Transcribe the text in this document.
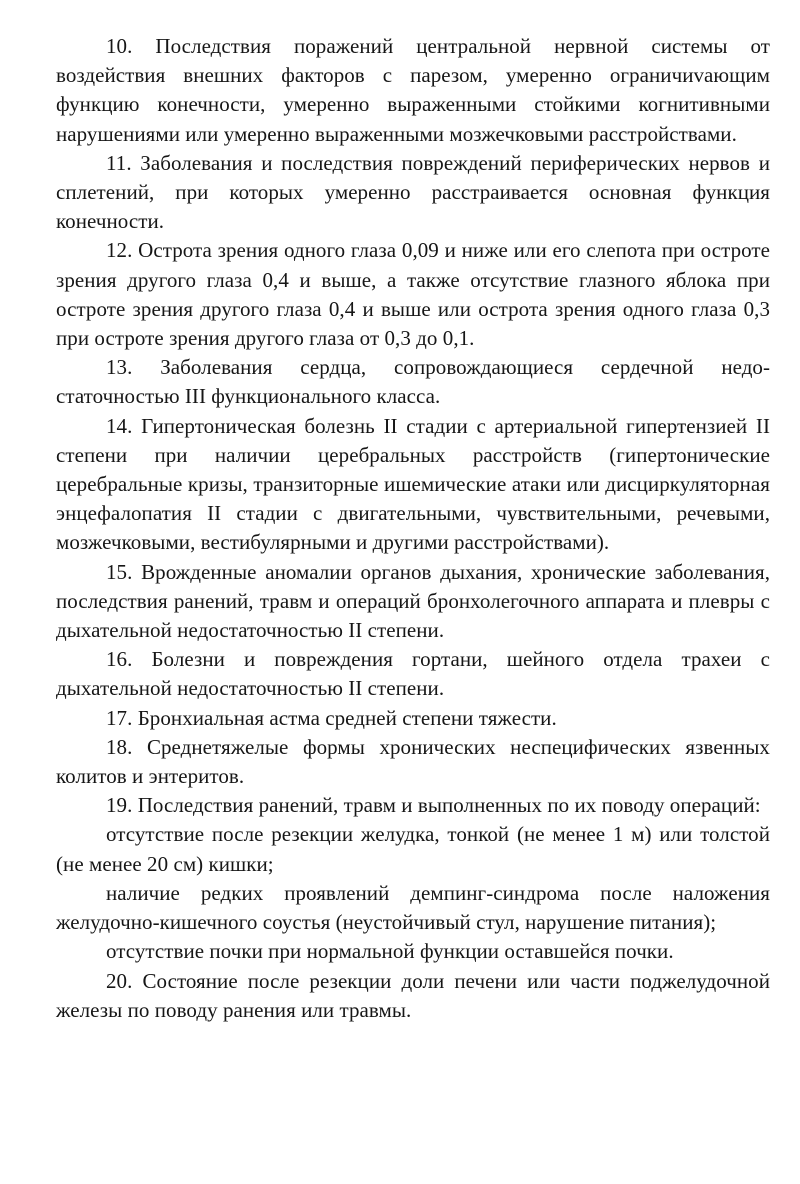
10. Последствия поражений центральной нервной системы от воздействия внешних факторов с парезом, умеренно ограничиvающим функцию конечности, умеренно выраженными стойкими когнитивными нарушениями или умеренно выраженными мозжечковыми расстройствами.

11. Заболевания и последствия повреждений периферических нервов и сплетений, при которых умеренно расстраивается основная функция конечности.

12. Острота зрения одного глаза 0,09 и ниже или его слепота при остроте зрения другого глаза 0,4 и выше, а также отсутствие глазного яблока при остроте зрения другого глаза 0,4 и выше или острота зрения одного глаза 0,3 при остроте зрения другого глаза от 0,3 до 0,1.

13. Заболевания сердца, сопровождающиеся сердечной недостаточностью III функционального класса.

14. Гипертоническая болезнь II стадии с артериальной гипертензией II степени при наличии церебральных расстройств (гипертонические церебральные кризы, транзиторные ишемические атаки или дисциркуляторная энцефалопатия II стадии с двигательными, чувствительными, речевыми, мозжечковыми, вестибулярными и другими расстройствами).

15. Врожденные аномалии органов дыхания, хронические заболевания, последствия ранений, травм и операций бронхолегочного аппарата и плевры с дыхательной недостаточностью II степени.

16. Болезни и повреждения гортани, шейного отдела трахеи с дыхательной недостаточностью II степени.

17. Бронхиальная астма средней степени тяжести.

18. Среднетяжелые формы хронических неспецифических язвенных колитов и энтеритов.

19. Последствия ранений, травм и выполненных по их поводу операций:

отсутствие после резекции желудка, тонкой (не менее 1 м) или толстой (не менее 20 см) кишки;

наличие редких проявлений демпинг-синдрома после наложения желудочно-кишечного соустья (неустойчивый стул, нарушение питания);

отсутствие почки при нормальной функции оставшейся почки.

20. Состояние после резекции доли печени или части поджелудочной железы по поводу ранения или травмы.
